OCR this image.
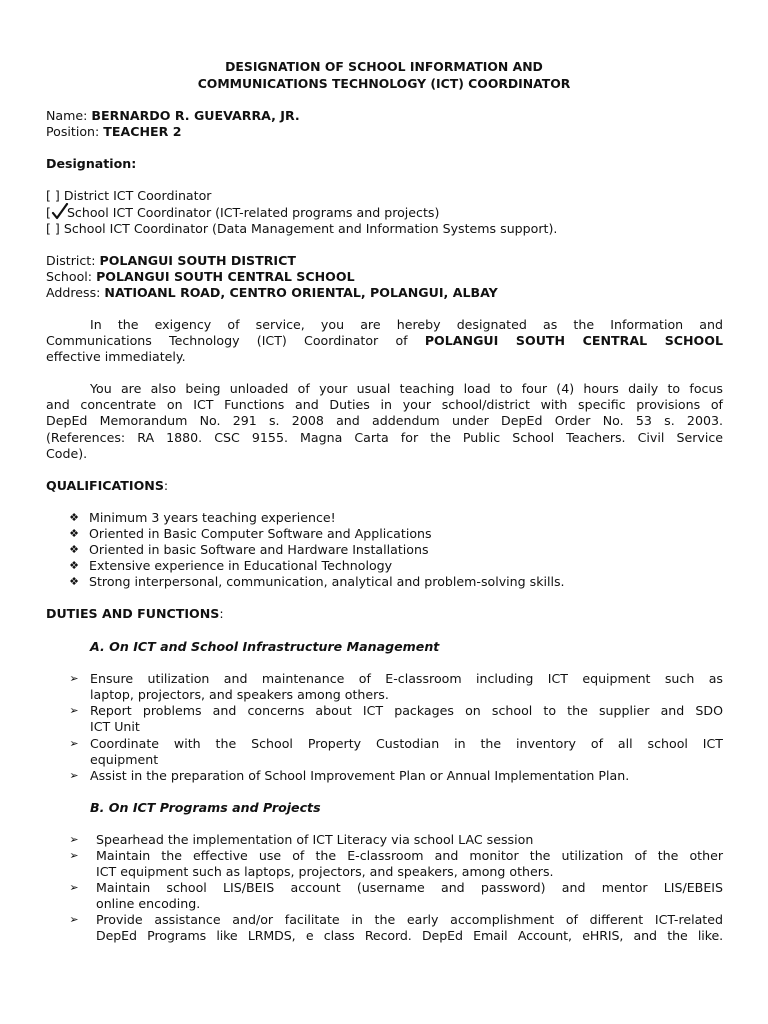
DESIGNATION OF SCHOOL INFORMATION AND
COMMUNICATIONS TECHNOLOGY (ICT) COORDINATOR
Name: BERNARDO R. GUEVARRA, JR.
Position: TEACHER 2
Designation:
[ ] District ICT Coordinator
[ School ICT Coordinator (ICT-related programs and projects)
[ ] School ICT Coordinator (Data Management and Information Systems support).
District: POLANGUI SOUTH DISTRICT
School: POLANGUI SOUTH CENTRAL SCHOOL
Address: NATIOANL ROAD, CENTRO ORIENTAL, POLANGUI, ALBAY
In the exigency of service, you are hereby designated as the Information and
Communications Technology (ICT) Coordinator of POLANGUI SOUTH CENTRAL SCHOOL
effective immediately.
You are also being unloaded of your usual teaching load to four (4) hours daily to focus
and concentrate on ICT Functions and Duties in your school/district with specific provisions of
DepEd Memorandum No. 291 s. 2008 and addendum under DepEd Order No. 53 s. 2003.
(References: RA 1880. CSC 9155. Magna Carta for the Public School Teachers. Civil Service
Code).
QUALIFICATIONS:
❖ Minimum 3 years teaching experience!
❖ Oriented in Basic Computer Software and Applications
❖ Oriented in basic Software and Hardware Installations
❖ Extensive experience in Educational Technology
❖ Strong interpersonal, communication, analytical and problem-solving skills.
DUTIES AND FUNCTIONS:
A. On ICT and School Infrastructure Management
➢ Ensure utilization and maintenance of E-classroom including ICT equipment such as
laptop, projectors, and speakers among others.
➢ Report problems and concerns about ICT packages on school to the supplier and SDO
ICT Unit
➢ Coordinate with the School Property Custodian in the inventory of all school ICT
equipment
➢ Assist in the preparation of School Improvement Plan or Annual Implementation Plan.
B. On ICT Programs and Projects
➢ Spearhead the implementation of ICT Literacy via school LAC session
➢ Maintain the effective use of the E-classroom and monitor the utilization of the other
ICT equipment such as laptops, projectors, and speakers, among others.
➢ Maintain school LIS/BEIS account (username and password) and mentor LIS/EBEIS
online encoding.
➢ Provide assistance and/or facilitate in the early accomplishment of different ICT-related
DepEd Programs like LRMDS, e class Record. DepEd Email Account, eHRIS, and the like.
